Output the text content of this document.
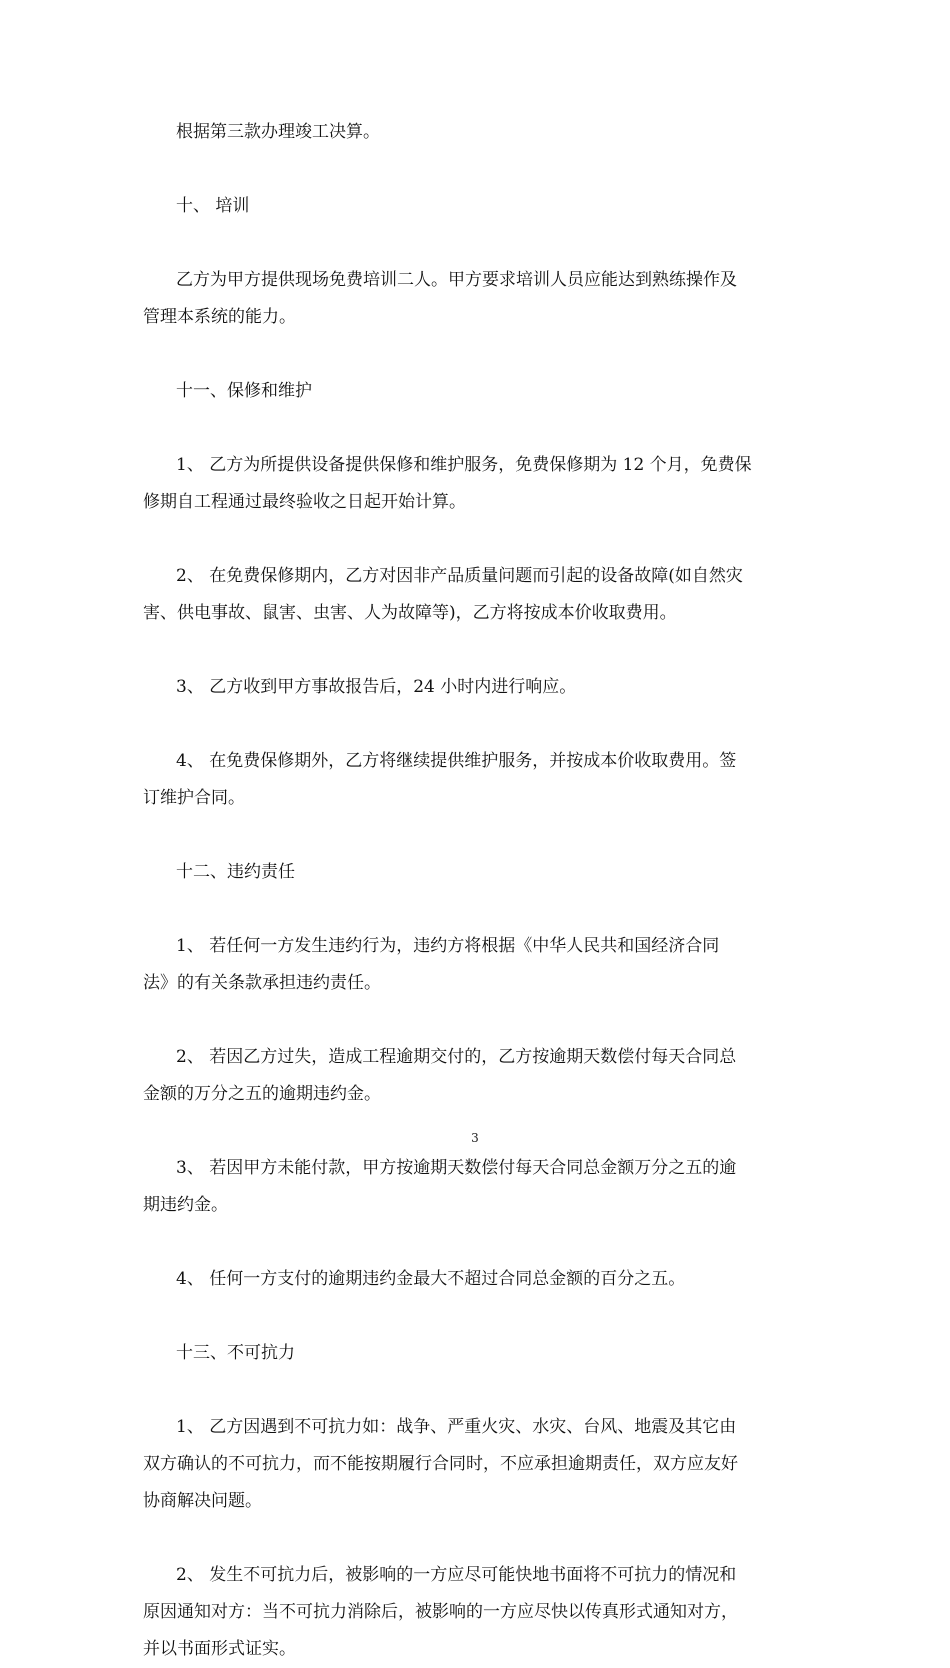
根据第三款办理竣工决算。
十、 培训
乙方为甲方提供现场免费培训二人。甲方要求培训人员应能达到熟练操作及
管理本系统的能力。
十一、保修和维护
1、 乙方为所提供设备提供保修和维护服务，免费保修期为 12 个月，免费保
修期自工程通过最终验收之日起开始计算。
2、 在免费保修期内，乙方对因非产品质量问题而引起的设备故障(如自然灾
害、供电事故、鼠害、虫害、人为故障等)，乙方将按成本价收取费用。
3、 乙方收到甲方事故报告后，24 小时内进行响应。
4、 在免费保修期外，乙方将继续提供维护服务，并按成本价收取费用。签
订维护合同。
十二、违约责任
1、 若任何一方发生违约行为，违约方将根据《中华人民共和国经济合同
法》的有关条款承担违约责任。
2、 若因乙方过失，造成工程逾期交付的，乙方按逾期天数偿付每天合同总
金额的万分之五的逾期违约金。
3、 若因甲方未能付款，甲方按逾期天数偿付每天合同总金额万分之五的逾
期违约金。
4、 任何一方支付的逾期违约金最大不超过合同总金额的百分之五。
十三、不可抗力
1、 乙方因遇到不可抗力如：战争、严重火灾、水灾、台风、地震及其它由
双方确认的不可抗力，而不能按期履行合同时，不应承担逾期责任，双方应友好
协商解决问题。
2、 发生不可抗力后，被影响的一方应尽可能快地书面将不可抗力的情况和
原因通知对方：当不可抗力消除后，被影响的一方应尽快以传真形式通知对方，
并以书面形式证实。
3
